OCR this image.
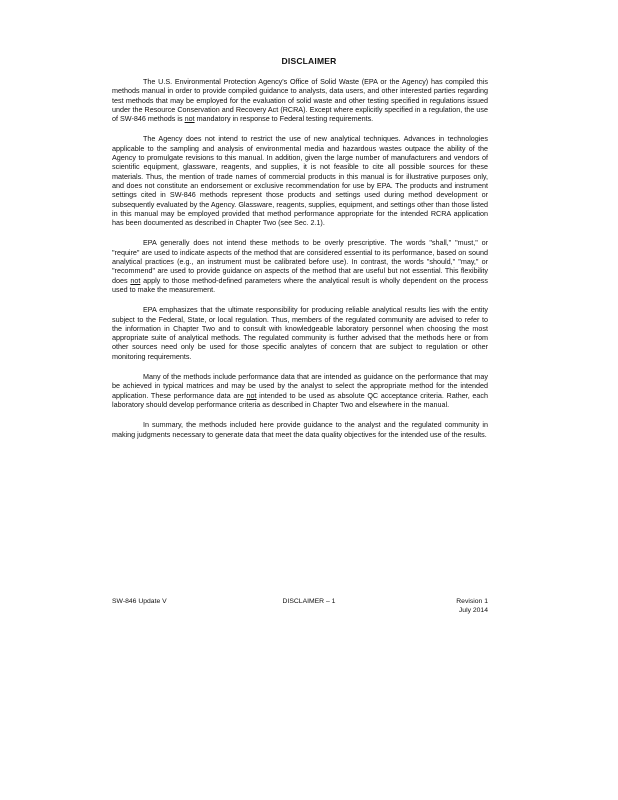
DISCLAIMER

The U.S. Environmental Protection Agency's Office of Solid Waste (EPA or the Agency) has compiled this methods manual in order to provide compiled guidance to analysts, data users, and other interested parties regarding test methods that may be employed for the evaluation of solid waste and other testing specified in regulations issued under the Resource Conservation and Recovery Act (RCRA). Except where explicitly specified in a regulation, the use of SW-846 methods is not mandatory in response to Federal testing requirements.

The Agency does not intend to restrict the use of new analytical techniques. Advances in technologies applicable to the sampling and analysis of environmental media and hazardous wastes outpace the ability of the Agency to promulgate revisions to this manual. In addition, given the large number of manufacturers and vendors of scientific equipment, glassware, reagents, and supplies, it is not feasible to cite all possible sources for these materials. Thus, the mention of trade names of commercial products in this manual is for illustrative purposes only, and does not constitute an endorsement or exclusive recommendation for use by EPA. The products and instrument settings cited in SW-846 methods represent those products and settings used during method development or subsequently evaluated by the Agency. Glassware, reagents, supplies, equipment, and settings other than those listed in this manual may be employed provided that method performance appropriate for the intended RCRA application has been documented as described in Chapter Two (see Sec. 2.1).

EPA generally does not intend these methods to be overly prescriptive. The words "shall," "must," or "require" are used to indicate aspects of the method that are considered essential to its performance, based on sound analytical practices (e.g., an instrument must be calibrated before use). In contrast, the words "should," "may," or "recommend" are used to provide guidance on aspects of the method that are useful but not essential. This flexibility does not apply to those method-defined parameters where the analytical result is wholly dependent on the process used to make the measurement.

EPA emphasizes that the ultimate responsibility for producing reliable analytical results lies with the entity subject to the Federal, State, or local regulation. Thus, members of the regulated community are advised to refer to the information in Chapter Two and to consult with knowledgeable laboratory personnel when choosing the most appropriate suite of analytical methods. The regulated community is further advised that the methods here or from other sources need only be used for those specific analytes of concern that are subject to regulation or other monitoring requirements.

Many of the methods include performance data that are intended as guidance on the performance that may be achieved in typical matrices and may be used by the analyst to select the appropriate method for the intended application. These performance data are not intended to be used as absolute QC acceptance criteria. Rather, each laboratory should develop performance criteria as described in Chapter Two and elsewhere in the manual.

In summary, the methods included here provide guidance to the analyst and the regulated community in making judgments necessary to generate data that meet the data quality objectives for the intended use of the results.

SW-846 Update V	DISCLAIMER – 1	Revision 1
July 2014
